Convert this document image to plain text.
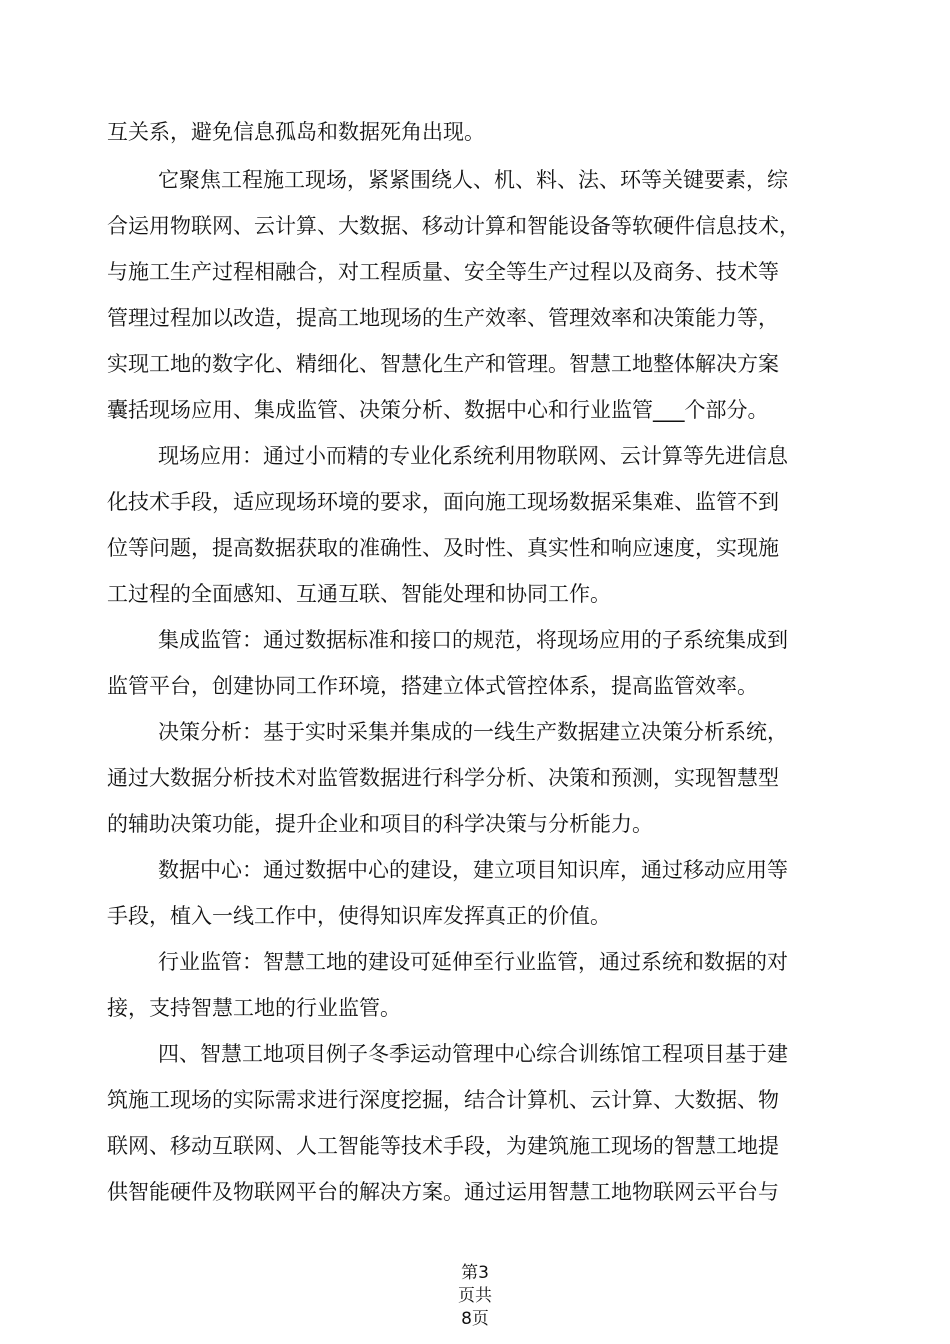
互关系，避免信息孤岛和数据死角出现。
它聚焦工程施工现场，紧紧围绕人、机、料、法、环等关键要素，综
合运用物联网、云计算、大数据、移动计算和智能设备等软硬件信息技术，
与施工生产过程相融合，对工程质量、安全等生产过程以及商务、技术等
管理过程加以改造，提高工地现场的生产效率、管理效率和决策能力等，
实现工地的数字化、精细化、智慧化生产和管理。智慧工地整体解决方案
囊括现场应用、集成监管、决策分析、数据中心和行业监管___个部分。
现场应用：通过小而精的专业化系统利用物联网、云计算等先进信息
化技术手段，适应现场环境的要求，面向施工现场数据采集难、监管不到
位等问题，提高数据获取的准确性、及时性、真实性和响应速度，实现施
工过程的全面感知、互通互联、智能处理和协同工作。
集成监管：通过数据标准和接口的规范，将现场应用的子系统集成到
监管平台，创建协同工作环境，搭建立体式管控体系，提高监管效率。
决策分析：基于实时采集并集成的一线生产数据建立决策分析系统，
通过大数据分析技术对监管数据进行科学分析、决策和预测，实现智慧型
的辅助决策功能，提升企业和项目的科学决策与分析能力。
数据中心：通过数据中心的建设，建立项目知识库，通过移动应用等
手段，植入一线工作中，使得知识库发挥真正的价值。
行业监管：智慧工地的建设可延伸至行业监管，通过系统和数据的对
接，支持智慧工地的行业监管。
四、智慧工地项目例子冬季运动管理中心综合训练馆工程项目基于建
筑施工现场的实际需求进行深度挖掘，结合计算机、云计算、大数据、物
联网、移动互联网、人工智能等技术手段，为建筑施工现场的智慧工地提
供智能硬件及物联网平台的解决方案。通过运用智慧工地物联网云平台与
第3
页共
8页
